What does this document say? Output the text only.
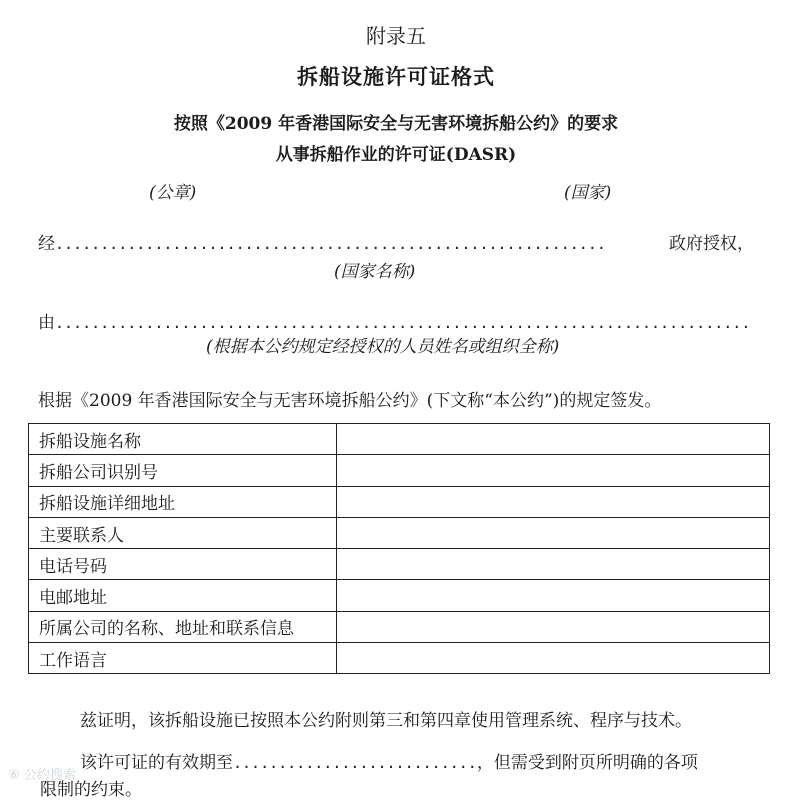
附录五
拆船设施许可证格式
按照《2009 年香港国际安全与无害环境拆船公约》的要求
从事拆船作业的许可证(DASR)
(公章)	(国家)
经.............................................................	政府授权，
(国家名称)
由.............................................................................
(根据本公约规定经授权的人员姓名或组织全称)
根据《2009 年香港国际安全与无害环境拆船公约》(下文称“本公约”)的规定签发。
拆船设施名称	
拆船公司识别号	
拆船设施详细地址	
主要联系人	
电话号码	
电邮地址	
所属公司的名称、地址和联系信息	
工作语言	
兹证明，该拆船设施已按照本公约附则第三和第四章使用管理系统、程序与技术。
该许可证的有效期至...........................，但需受到附页所明确的各项
限制的约束。
⑥ 公约搜索
